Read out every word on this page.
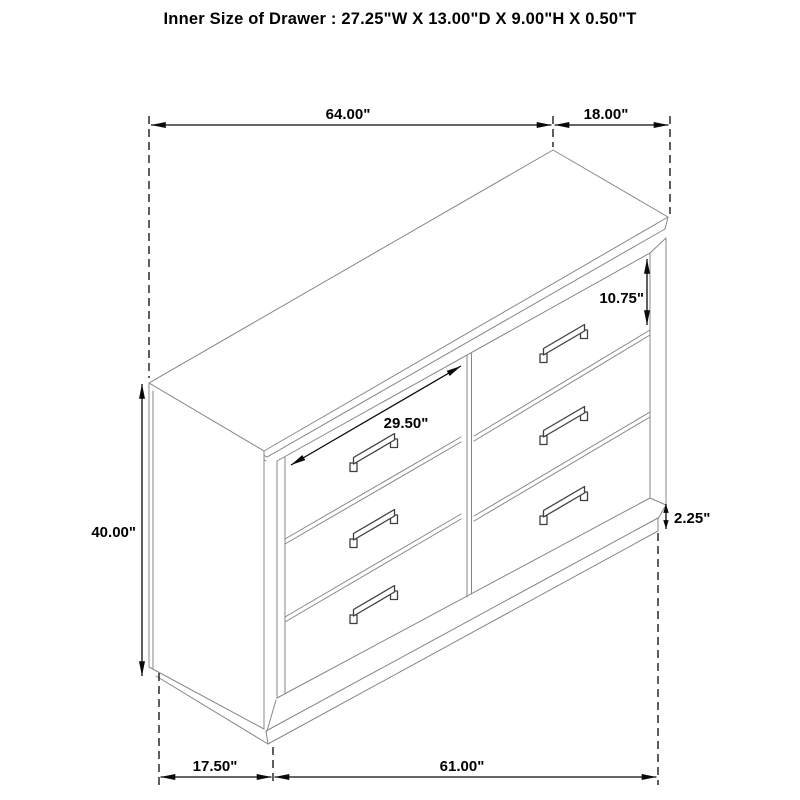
Inner Size of Drawer : 27.25"W X 13.00"D X 9.00"H X 0.50"T
64.00"	18.00"
10.75"
29.50"
40.00"
2.25"
17.50"	61.00"
